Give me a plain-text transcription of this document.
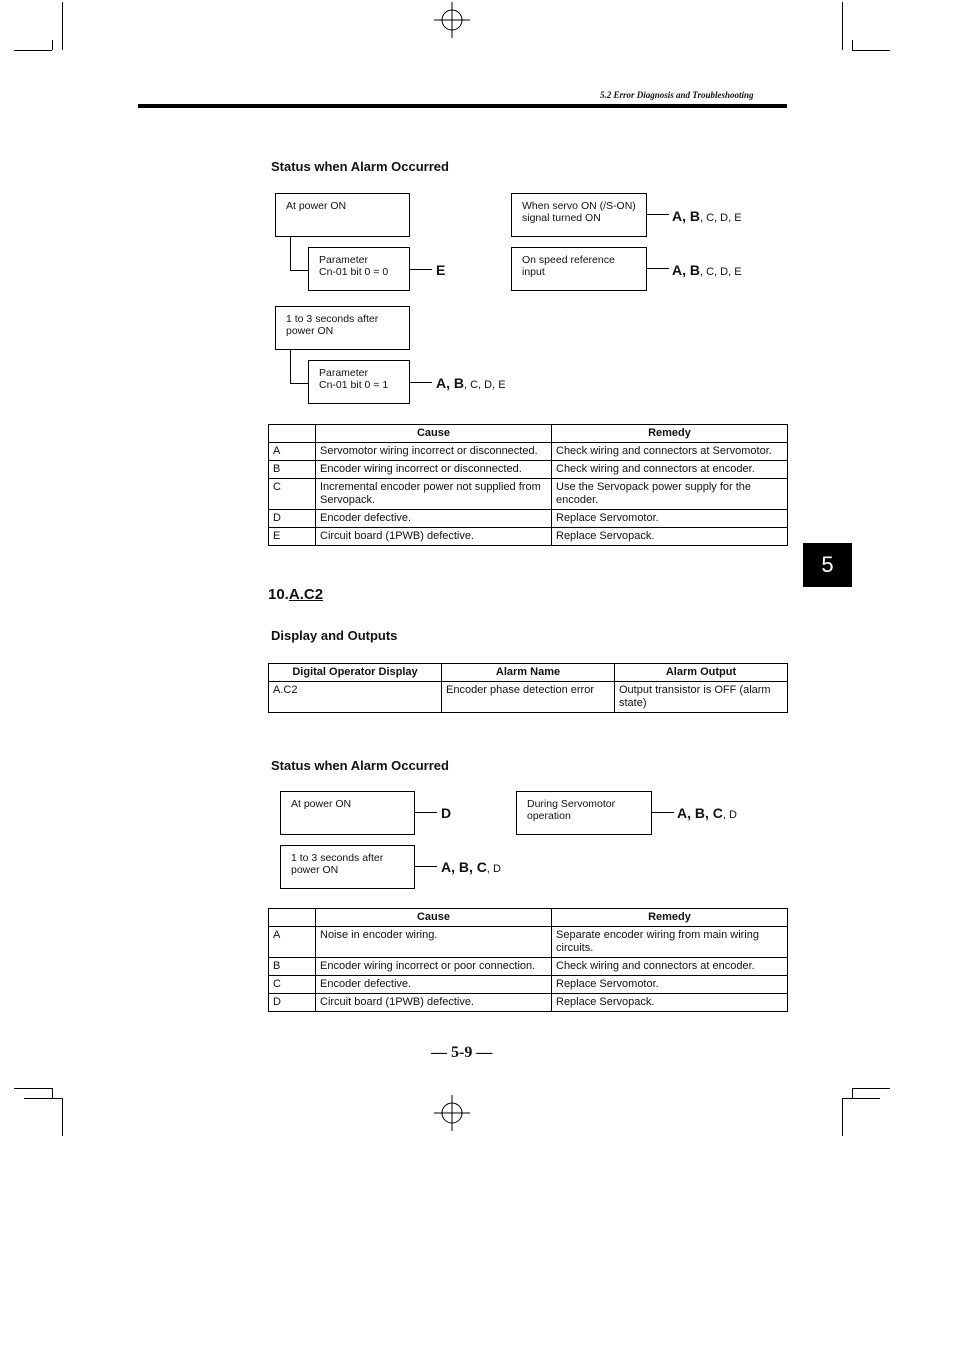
5.2 Error Diagnosis and Troubleshooting
5
Status when Alarm Occurred
At power ON
Parameter
Cn-01 bit 0 = 0	E
1 to 3 seconds after
power ON
Parameter
Cn-01 bit 0 = 1	A, B, C, D, E
When servo ON (/S-ON)
signal turned ON	A, B, C, D, E
On speed reference input	A, B, C, D, E
	Cause	Remedy
A	Servomotor wiring incorrect or disconnected.	Check wiring and connectors at Servomotor.
B	Encoder wiring incorrect or disconnected.	Check wiring and connectors at encoder.
C	Incremental encoder power not supplied from Servopack.	Use the Servopack power supply for the encoder.
D	Encoder defective.	Replace Servomotor.
E	Circuit board (1PWB) defective.	Replace Servopack.
10.A.C2
Display and Outputs
Digital Operator Display	Alarm Name	Alarm Output
A.C2	Encoder phase detection error	Output transistor is OFF (alarm state)
Status when Alarm Occurred
At power ON
D
1 to 3 seconds after
power ON	A, B, C, D
During Servomotor
operation	A, B, C, D
	Cause	Remedy
A	Noise in encoder wiring.	Separate encoder wiring from main wiring circuits.
B	Encoder wiring incorrect or poor connection.	Check wiring and connectors at encoder.
C	Encoder defective.	Replace Servomotor.
D	Circuit board (1PWB) defective.	Replace Servopack.
— 5-9 —
